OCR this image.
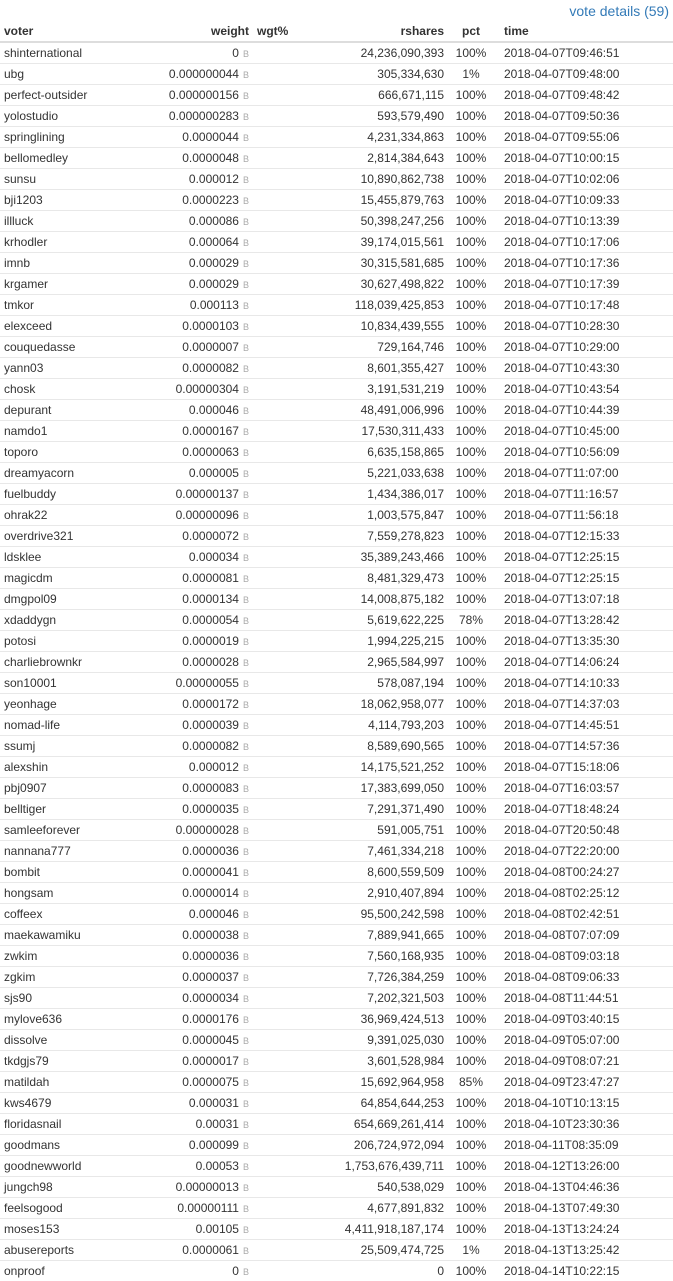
vote details (59)
voter	weight	wgt%	rshares	pct	time
shinternational	0 B		24,236,090,393	100%	2018-04-07T09:46:51
ubg	0.000000044 B		305,334,630	1%	2018-04-07T09:48:00
perfect-outsider	0.000000156 B		666,671,115	100%	2018-04-07T09:48:42
yolostudio	0.000000283 B		593,579,490	100%	2018-04-07T09:50:36
springlining	0.0000044 B		4,231,334,863	100%	2018-04-07T09:55:06
bellomedley	0.0000048 B		2,814,384,643	100%	2018-04-07T10:00:15
sunsu	0.000012 B		10,890,862,738	100%	2018-04-07T10:02:06
bji1203	0.0000223 B		15,455,879,763	100%	2018-04-07T10:09:33
illluck	0.000086 B		50,398,247,256	100%	2018-04-07T10:13:39
krhodler	0.000064 B		39,174,015,561	100%	2018-04-07T10:17:06
imnb	0.000029 B		30,315,581,685	100%	2018-04-07T10:17:36
krgamer	0.000029 B		30,627,498,822	100%	2018-04-07T10:17:39
tmkor	0.000113 B		118,039,425,853	100%	2018-04-07T10:17:48
elexceed	0.0000103 B		10,834,439,555	100%	2018-04-07T10:28:30
couquedasse	0.0000007 B		729,164,746	100%	2018-04-07T10:29:00
yann03	0.0000082 B		8,601,355,427	100%	2018-04-07T10:43:30
chosk	0.00000304 B		3,191,531,219	100%	2018-04-07T10:43:54
depurant	0.000046 B		48,491,006,996	100%	2018-04-07T10:44:39
namdo1	0.0000167 B		17,530,311,433	100%	2018-04-07T10:45:00
toporo	0.0000063 B		6,635,158,865	100%	2018-04-07T10:56:09
dreamyacorn	0.000005 B		5,221,033,638	100%	2018-04-07T11:07:00
fuelbuddy	0.00000137 B		1,434,386,017	100%	2018-04-07T11:16:57
ohrak22	0.00000096 B		1,003,575,847	100%	2018-04-07T11:56:18
overdrive321	0.0000072 B		7,559,278,823	100%	2018-04-07T12:15:33
ldsklee	0.000034 B		35,389,243,466	100%	2018-04-07T12:25:15
magicdm	0.0000081 B		8,481,329,473	100%	2018-04-07T12:25:15
dmgpol09	0.0000134 B		14,008,875,182	100%	2018-04-07T13:07:18
xdaddygn	0.0000054 B		5,619,622,225	78%	2018-04-07T13:28:42
potosi	0.0000019 B		1,994,225,215	100%	2018-04-07T13:35:30
charliebrownkr	0.0000028 B		2,965,584,997	100%	2018-04-07T14:06:24
son10001	0.00000055 B		578,087,194	100%	2018-04-07T14:10:33
yeonhage	0.0000172 B		18,062,958,077	100%	2018-04-07T14:37:03
nomad-life	0.0000039 B		4,114,793,203	100%	2018-04-07T14:45:51
ssumj	0.0000082 B		8,589,690,565	100%	2018-04-07T14:57:36
alexshin	0.000012 B		14,175,521,252	100%	2018-04-07T15:18:06
pbj0907	0.0000083 B		17,383,699,050	100%	2018-04-07T16:03:57
belltiger	0.0000035 B		7,291,371,490	100%	2018-04-07T18:48:24
samleeforever	0.00000028 B		591,005,751	100%	2018-04-07T20:50:48
nannana777	0.0000036 B		7,461,334,218	100%	2018-04-07T22:20:00
bombit	0.0000041 B		8,600,559,509	100%	2018-04-08T00:24:27
hongsam	0.0000014 B		2,910,407,894	100%	2018-04-08T02:25:12
coffeex	0.000046 B		95,500,242,598	100%	2018-04-08T02:42:51
maekawamiku	0.0000038 B		7,889,941,665	100%	2018-04-08T07:07:09
zwkim	0.0000036 B		7,560,168,935	100%	2018-04-08T09:03:18
zgkim	0.0000037 B		7,726,384,259	100%	2018-04-08T09:06:33
sjs90	0.0000034 B		7,202,321,503	100%	2018-04-08T11:44:51
mylove636	0.0000176 B		36,969,424,513	100%	2018-04-09T03:40:15
dissolve	0.0000045 B		9,391,025,030	100%	2018-04-09T05:07:00
tkdgjs79	0.0000017 B		3,601,528,984	100%	2018-04-09T08:07:21
matildah	0.0000075 B		15,692,964,958	85%	2018-04-09T23:47:27
kws4679	0.000031 B		64,854,644,253	100%	2018-04-10T10:13:15
floridasnail	0.00031 B		654,669,261,414	100%	2018-04-10T23:30:36
goodmans	0.000099 B		206,724,972,094	100%	2018-04-11T08:35:09
goodnewworld	0.00053 B		1,753,676,439,711	100%	2018-04-12T13:26:00
jungch98	0.00000013 B		540,538,029	100%	2018-04-13T04:46:36
feelsogood	0.00000111 B		4,677,891,832	100%	2018-04-13T07:49:30
moses153	0.00105 B		4,411,918,187,174	100%	2018-04-13T13:24:24
abusereports	0.0000061 B		25,509,474,725	1%	2018-04-13T13:25:42
onproof	0 B		0	100%	2018-04-14T10:22:15
